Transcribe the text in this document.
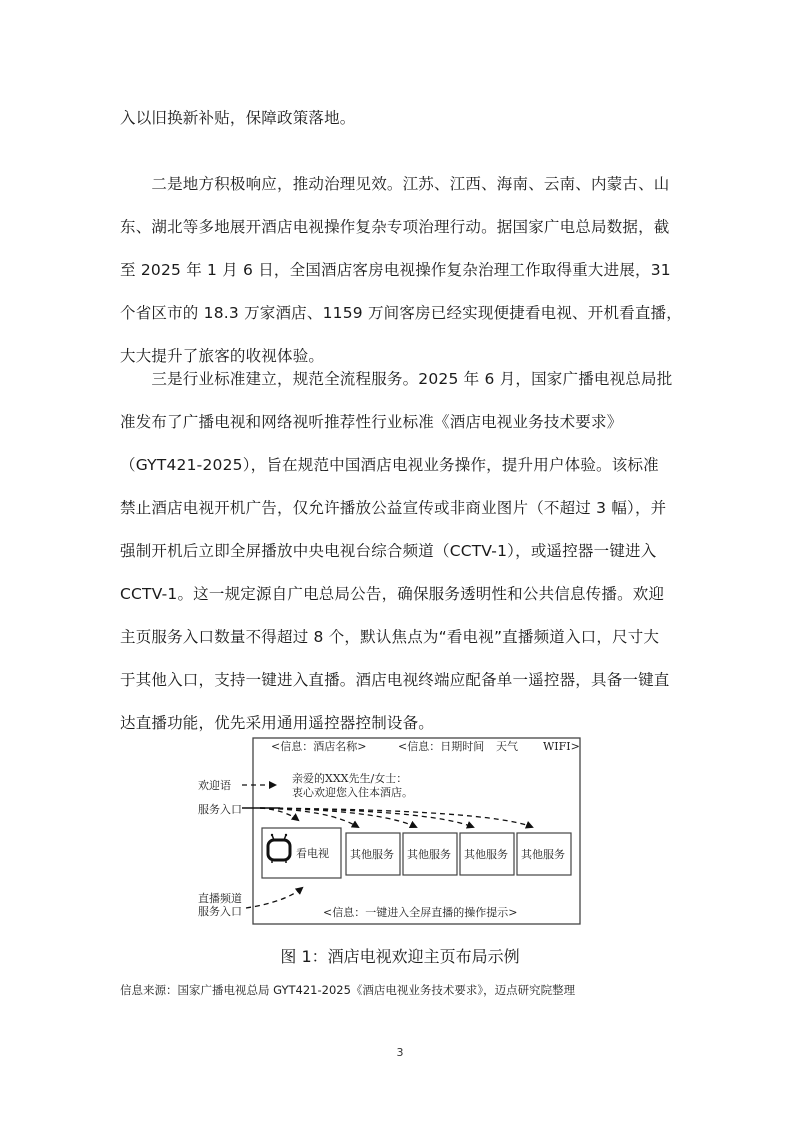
入以旧换新补贴，保障政策落地。
　　二是地方积极响应，推动治理见效。江苏、江西、海南、云南、内蒙古、山
东、湖北等多地展开酒店电视操作复杂专项治理行动。据国家广电总局数据，截
至 2025 年 1 月 6 日，全国酒店客房电视操作复杂治理工作取得重大进展，31
个省区市的 18.3 万家酒店、1159 万间客房已经实现便捷看电视、开机看直播，
大大提升了旅客的收视体验。
　　三是行业标准建立，规范全流程服务。2025 年 6 月，国家广播电视总局批
准发布了广播电视和网络视听推荐性行业标准《酒店电视业务技术要求》
（GYT421-2025），旨在规范中国酒店电视业务操作，提升用户体验。该标准
禁止酒店电视开机广告，仅允许播放公益宣传或非商业图片（不超过 3 幅），并
强制开机后立即全屏播放中央电视台综合频道（CCTV-1），或遥控器一键进入
CCTV-1。这一规定源自广电总局公告，确保服务透明性和公共信息传播。欢迎
主页服务入口数量不得超过 8 个，默认焦点为“看电视”直播频道入口，尺寸大
于其他入口，支持一键进入直播。酒店电视终端应配备单一遥控器，具备一键直
达直播功能，优先采用通用遥控器控制设备。
<信息：酒店名称>	<信息：日期时间 天气 WIFI>
亲爱的XXX先生/女士：
衷心欢迎您入住本酒店。
欢迎语
服务入口
直播频道
服务入口
看电视 其他服务 其他服务 其他服务 其他服务
<信息：一键进入全屏直播的操作提示>

图 1：酒店电视欢迎主页布局示例

信息来源：国家广播电视总局 GYT421-2025《酒店电视业务技术要求》，迈点研究院整理

3
